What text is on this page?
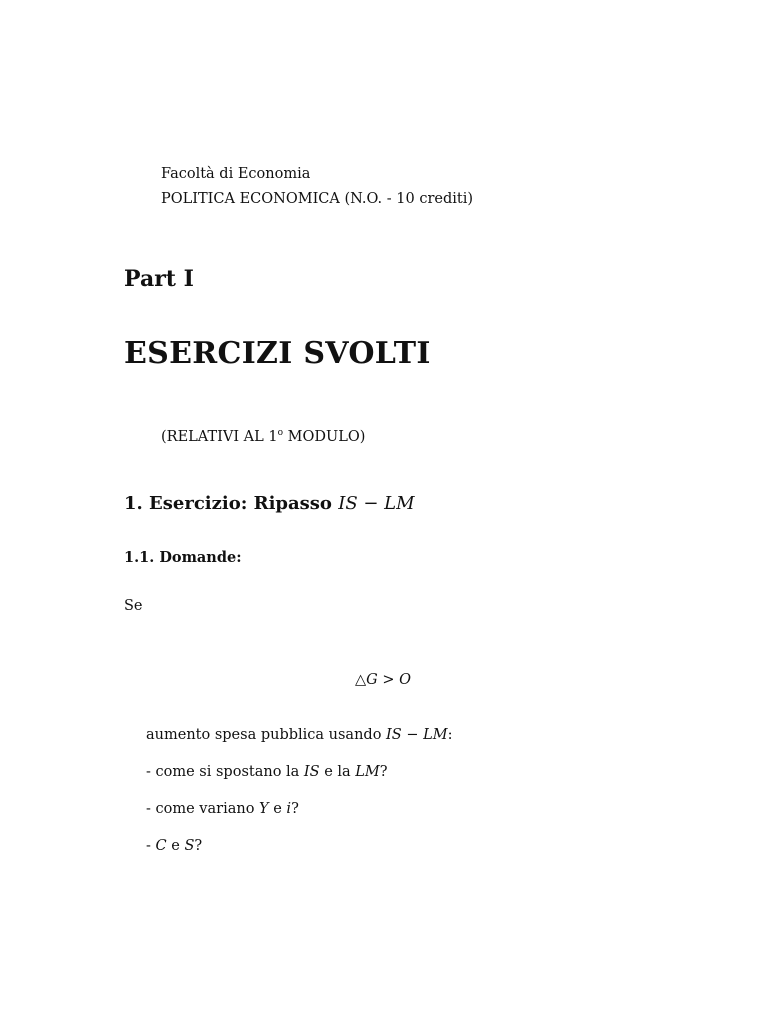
Facoltà di Economia
POLITICA ECONOMICA (N.O. - 10 crediti)
Part I
ESERCIZI SVOLTI
(RELATIVI AL 1$^o$ MODULO)
1. Esercizio: Ripasso IS − LM
1.1. Domande:
Se
△G > O
aumento spesa pubblica usando IS − LM:
- come si spostano la IS e la LM?
- come variano Y e i?
- C e S?
